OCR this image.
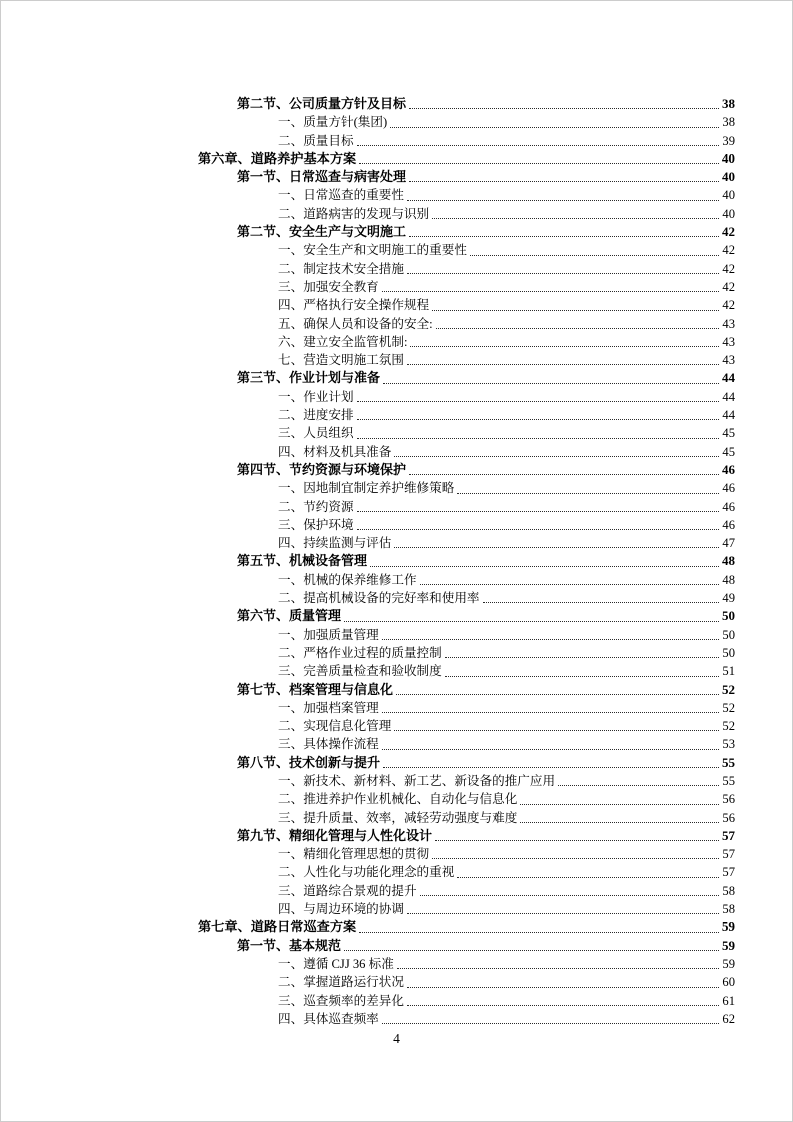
第二节、公司质量方针及目标	38
一、质量方针(集团)	38
二、质量目标	39
第六章、道路养护基本方案	40
第一节、日常巡查与病害处理	40
一、日常巡查的重要性	40
二、道路病害的发现与识别	40
第二节、安全生产与文明施工	42
一、安全生产和文明施工的重要性	42
二、制定技术安全措施	42
三、加强安全教育	42
四、严格执行安全操作规程	42
五、确保人员和设备的安全:	43
六、建立安全监管机制:	43
七、营造文明施工氛围	43
第三节、作业计划与准备	44
一、作业计划	44
二、进度安排	44
三、人员组织	45
四、材料及机具准备	45
第四节、节约资源与环境保护	46
一、因地制宜制定养护维修策略	46
二、节约资源	46
三、保护环境	46
四、持续监测与评估	47
第五节、机械设备管理	48
一、机械的保养维修工作	48
二、提高机械设备的完好率和使用率	49
第六节、质量管理	50
一、加强质量管理	50
二、严格作业过程的质量控制	50
三、完善质量检查和验收制度	51
第七节、档案管理与信息化	52
一、加强档案管理	52
二、实现信息化管理	52
三、具体操作流程	53
第八节、技术创新与提升	55
一、新技术、新材料、新工艺、新设备的推广应用	55
二、推进养护作业机械化、自动化与信息化	56
三、提升质量、效率，减轻劳动强度与难度	56
第九节、精细化管理与人性化设计	57
一、精细化管理思想的贯彻	57
二、人性化与功能化理念的重视	57
三、道路综合景观的提升	58
四、与周边环境的协调	58
第七章、道路日常巡查方案	59
第一节、基本规范	59
一、遵循 CJJ 36 标准	59
二、掌握道路运行状况	60
三、巡查频率的差异化	61
四、具体巡查频率	62
4
